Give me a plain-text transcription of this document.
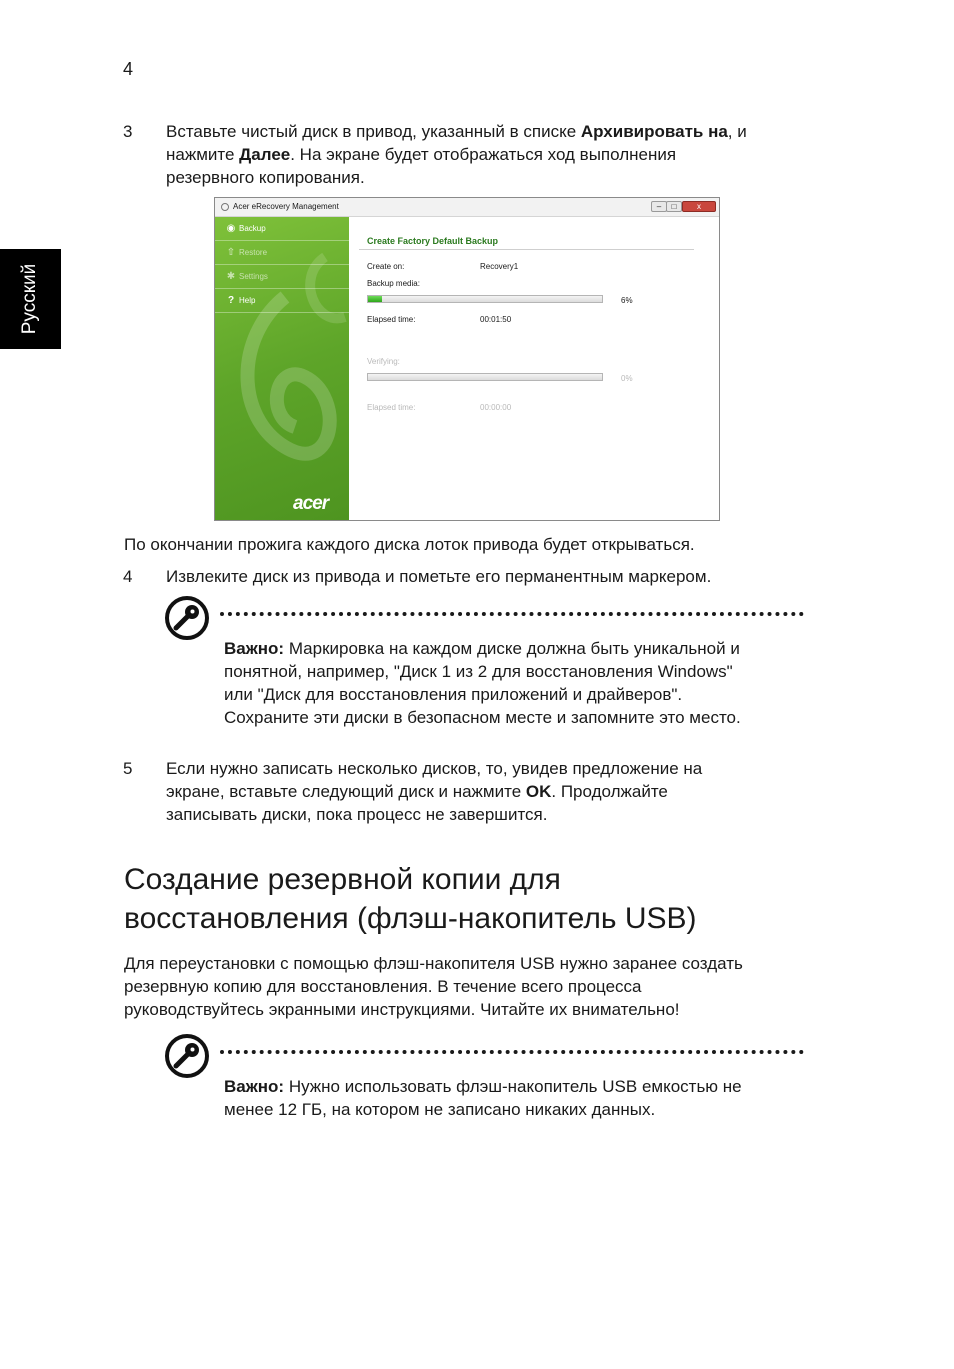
4
Русский
3 Вставьте чистый диск в привод, указанный в списке Архивировать на, и
нажмите Далее. На экране будет отображаться ход выполнения
резервного копирования.
Acer eRecovery Management	–	□	x
◉ Backup
⇧ Restore
✱ Settings
? Help
acer
Create Factory Default Backup
Create on:	Recovery1
Backup media:
6%
Elapsed time:	00:01:50
Verifying:
0%
Elapsed time:	00:00:00
По окончании прожига каждого диска лоток привода будет открываться.
4 Извлеките диск из привода и пометьте его перманентным маркером.
Важно: Маркировка на каждом диске должна быть уникальной и
понятной, например, "Диск 1 из 2 для восстановления Windows"
или "Диск для восстановления приложений и драйверов".
Сохраните эти диски в безопасном месте и запомните это место.
5 Если нужно записать несколько дисков, то, увидев предложение на
экране, вставьте следующий диск и нажмите OK. Продолжайте
записывать диски, пока процесс не завершится.
Создание резервной копии для
восстановления (флэш-накопитель USB)
Для переустановки с помощью флэш-накопителя USB нужно заранее создать
резервную копию для восстановления. В течение всего процесса
руководствуйтесь экранными инструкциями. Читайте их внимательно!
Важно: Нужно использовать флэш-накопитель USB емкостью не
менее 12 ГБ, на котором не записано никаких данных.
